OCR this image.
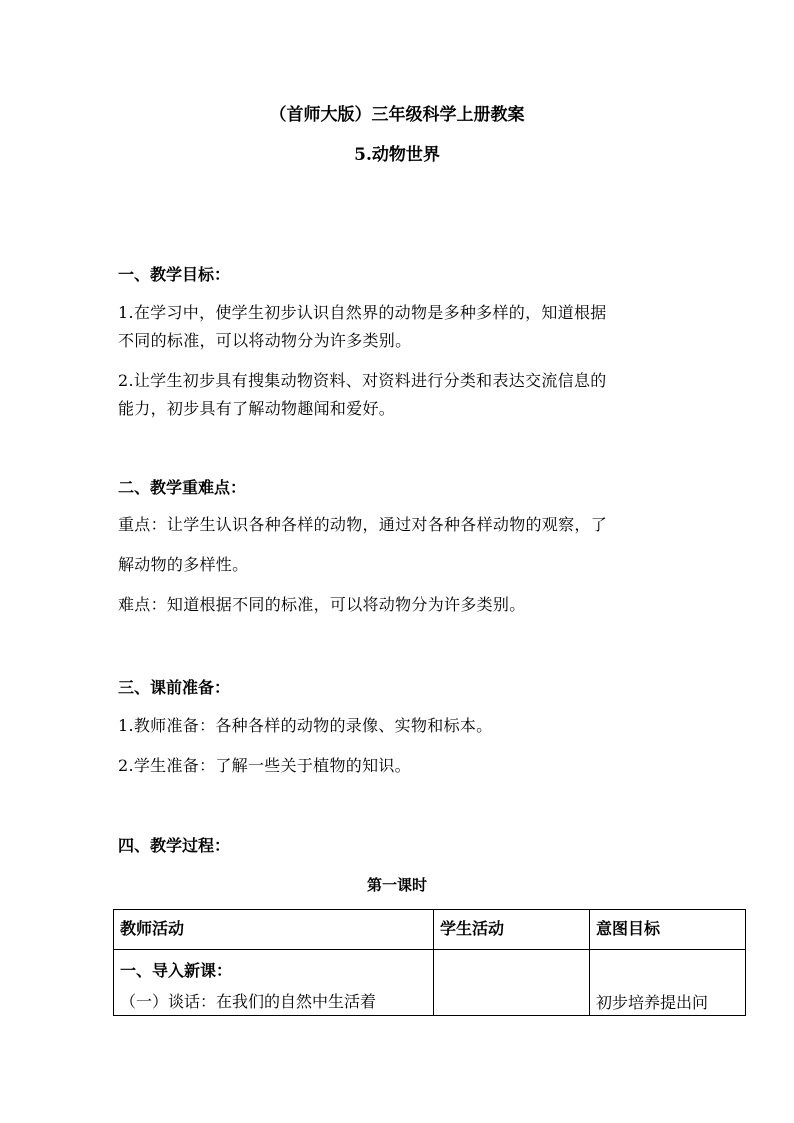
（首师大版）三年级科学上册教案
5.动物世界
一、教学目标：
1.在学习中，使学生初步认识自然界的动物是多种多样的，知道根据
不同的标准，可以将动物分为许多类别。
2.让学生初步具有搜集动物资料、对资料进行分类和表达交流信息的
能力，初步具有了解动物趣闻和爱好。
二、教学重难点：
重点：让学生认识各种各样的动物，通过对各种各样动物的观察，了
解动物的多样性。
难点：知道根据不同的标准，可以将动物分为许多类别。
三、课前准备：
1.教师准备：各种各样的动物的录像、实物和标本。
2.学生准备：了解一些关于植物的知识。
四、教学过程：
第一课时
教师活动	学生活动	意图目标

一、导入新课：
（一）谈话：在我们的自然中生活着		初步培养提出问
